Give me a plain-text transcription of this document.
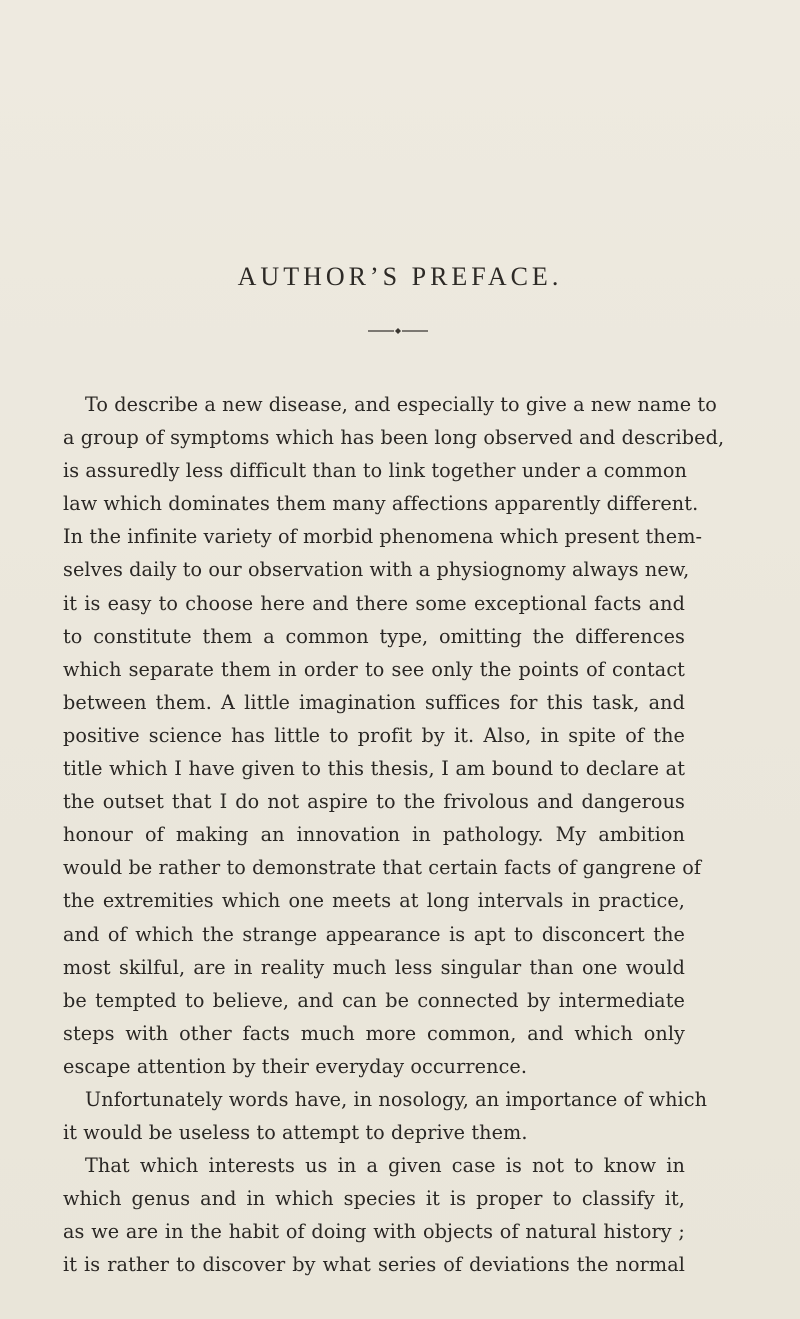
AUTHOR’S PREFACE.
To describe a new disease, and especially to give a new name to
a group of symptoms which has been long observed and described,
is assuredly less difficult than to link together under a common
law which dominates them many affections apparently different.
In the infinite variety of morbid phenomena which present them-
selves daily to our observation with a physiognomy always new,
it is easy to choose here and there some exceptional facts and
to constitute them a common type, omitting the differences
which separate them in order to see only the points of contact
between them. A little imagination suffices for this task, and
positive science has little to profit by it. Also, in spite of the
title which I have given to this thesis, I am bound to declare at
the outset that I do not aspire to the frivolous and dangerous
honour of making an innovation in pathology. My ambition
would be rather to demonstrate that certain facts of gangrene of
the extremities which one meets at long intervals in practice,
and of which the strange appearance is apt to disconcert the
most skilful, are in reality much less singular than one would
be tempted to believe, and can be connected by intermediate
steps with other facts much more common, and which only
escape attention by their everyday occurrence.
Unfortunately words have, in nosology, an importance of which
it would be useless to attempt to deprive them.
That which interests us in a given case is not to know in
which genus and in which species it is proper to classify it,
as we are in the habit of doing with objects of natural history ;
it is rather to discover by what series of deviations the normal
